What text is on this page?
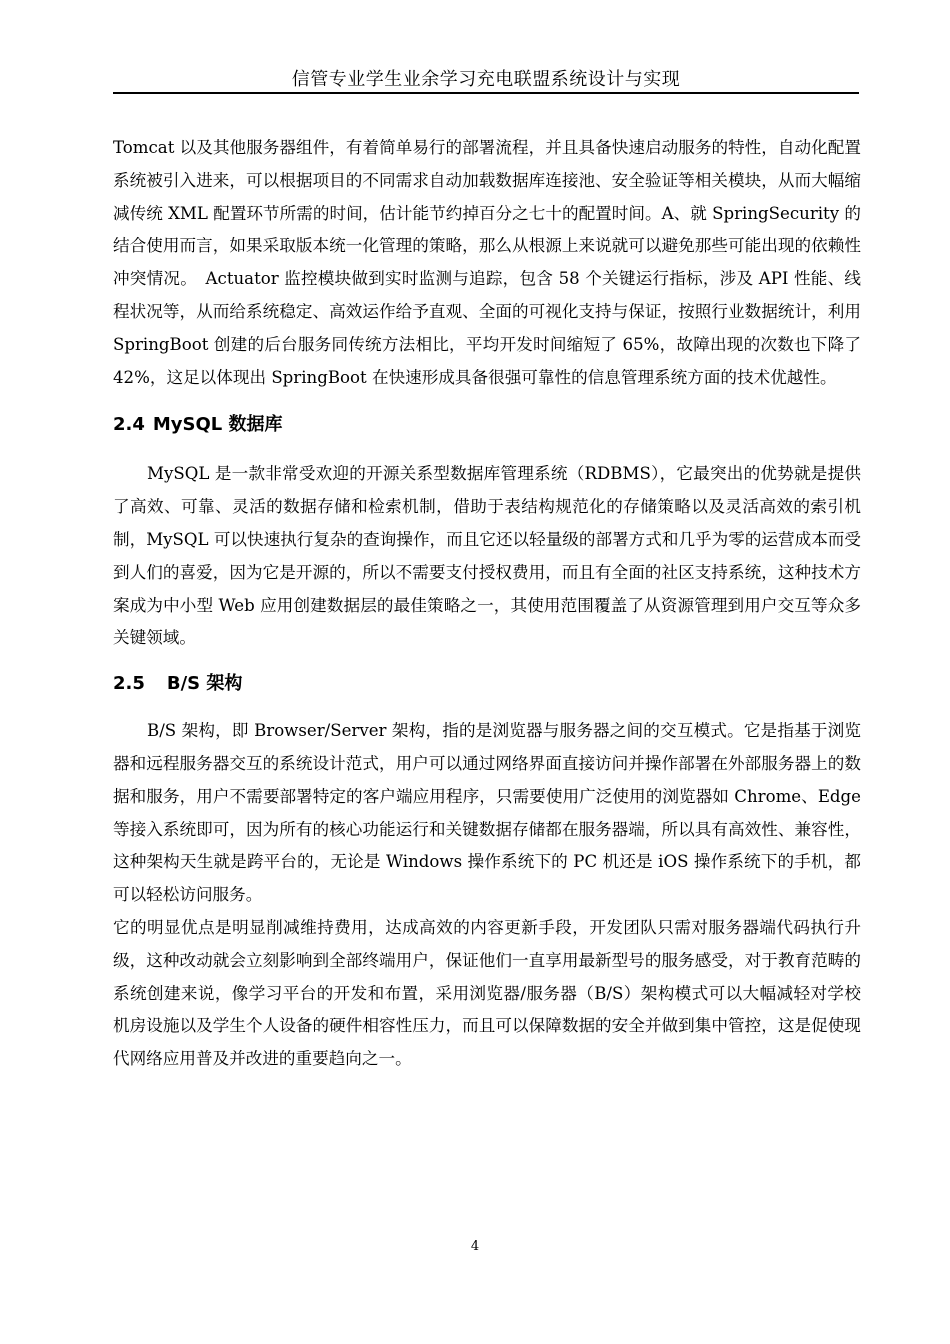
信管专业学生业余学习充电联盟系统设计与实现

Tomcat 以及其他服务器组件，有着简单易行的部署流程，并且具备快速启动服务的特性，自动化配置系统被引入进来，可以根据项目的不同需求自动加载数据库连接池、安全验证等相关模块，从而大幅缩减传统 XML 配置环节所需的时间，估计能节约掉百分之七十的配置时间。A、就 SpringSecurity 的结合使用而言，如果采取版本统一化管理的策略，那么从根源上来说就可以避免那些可能出现的依赖性冲突情况。　Actuator 监控模块做到实时监测与追踪，包含 58 个关键运行指标，涉及 API 性能、线程状况等，从而给系统稳定、高效运作给予直观、全面的可视化支持与保证，按照行业数据统计，利用 SpringBoot 创建的后台服务同传统方法相比，平均开发时间缩短了 65%，故障出现的次数也下降了 42%，这足以体现出 SpringBoot 在快速形成具备很强可靠性的信息管理系统方面的技术优越性。

2.4 MySQL 数据库

MySQL 是一款非常受欢迎的开源关系型数据库管理系统（RDBMS），它最突出的优势就是提供了高效、可靠、灵活的数据存储和检索机制，借助于表结构规范化的存储策略以及灵活高效的索引机制，MySQL 可以快速执行复杂的查询操作，而且它还以轻量级的部署方式和几乎为零的运营成本而受到人们的喜爱，因为它是开源的，所以不需要支付授权费用，而且有全面的社区支持系统，这种技术方案成为中小型 Web 应用创建数据层的最佳策略之一，其使用范围覆盖了从资源管理到用户交互等众多关键领域。

2.5 B/S 架构

B/S 架构，即 Browser/Server 架构，指的是浏览器与服务器之间的交互模式。它是指基于浏览器和远程服务器交互的系统设计范式，用户可以通过网络界面直接访问并操作部署在外部服务器上的数据和服务，用户不需要部署特定的客户端应用程序，只需要使用广泛使用的浏览器如 Chrome、Edge 等接入系统即可，因为所有的核心功能运行和关键数据存储都在服务器端，所以具有高效性、兼容性，这种架构天生就是跨平台的，无论是 Windows 操作系统下的 PC 机还是 iOS 操作系统下的手机，都可以轻松访问服务。

它的明显优点是明显削减维持费用，达成高效的内容更新手段，开发团队只需对服务器端代码执行升级，这种改动就会立刻影响到全部终端用户，保证他们一直享用最新型号的服务感受，对于教育范畴的系统创建来说，像学习平台的开发和布置，采用浏览器/服务器（B/S）架构模式可以大幅减轻对学校机房设施以及学生个人设备的硬件相容性压力，而且可以保障数据的安全并做到集中管控，这是促使现代网络应用普及并改进的重要趋向之一。

4
